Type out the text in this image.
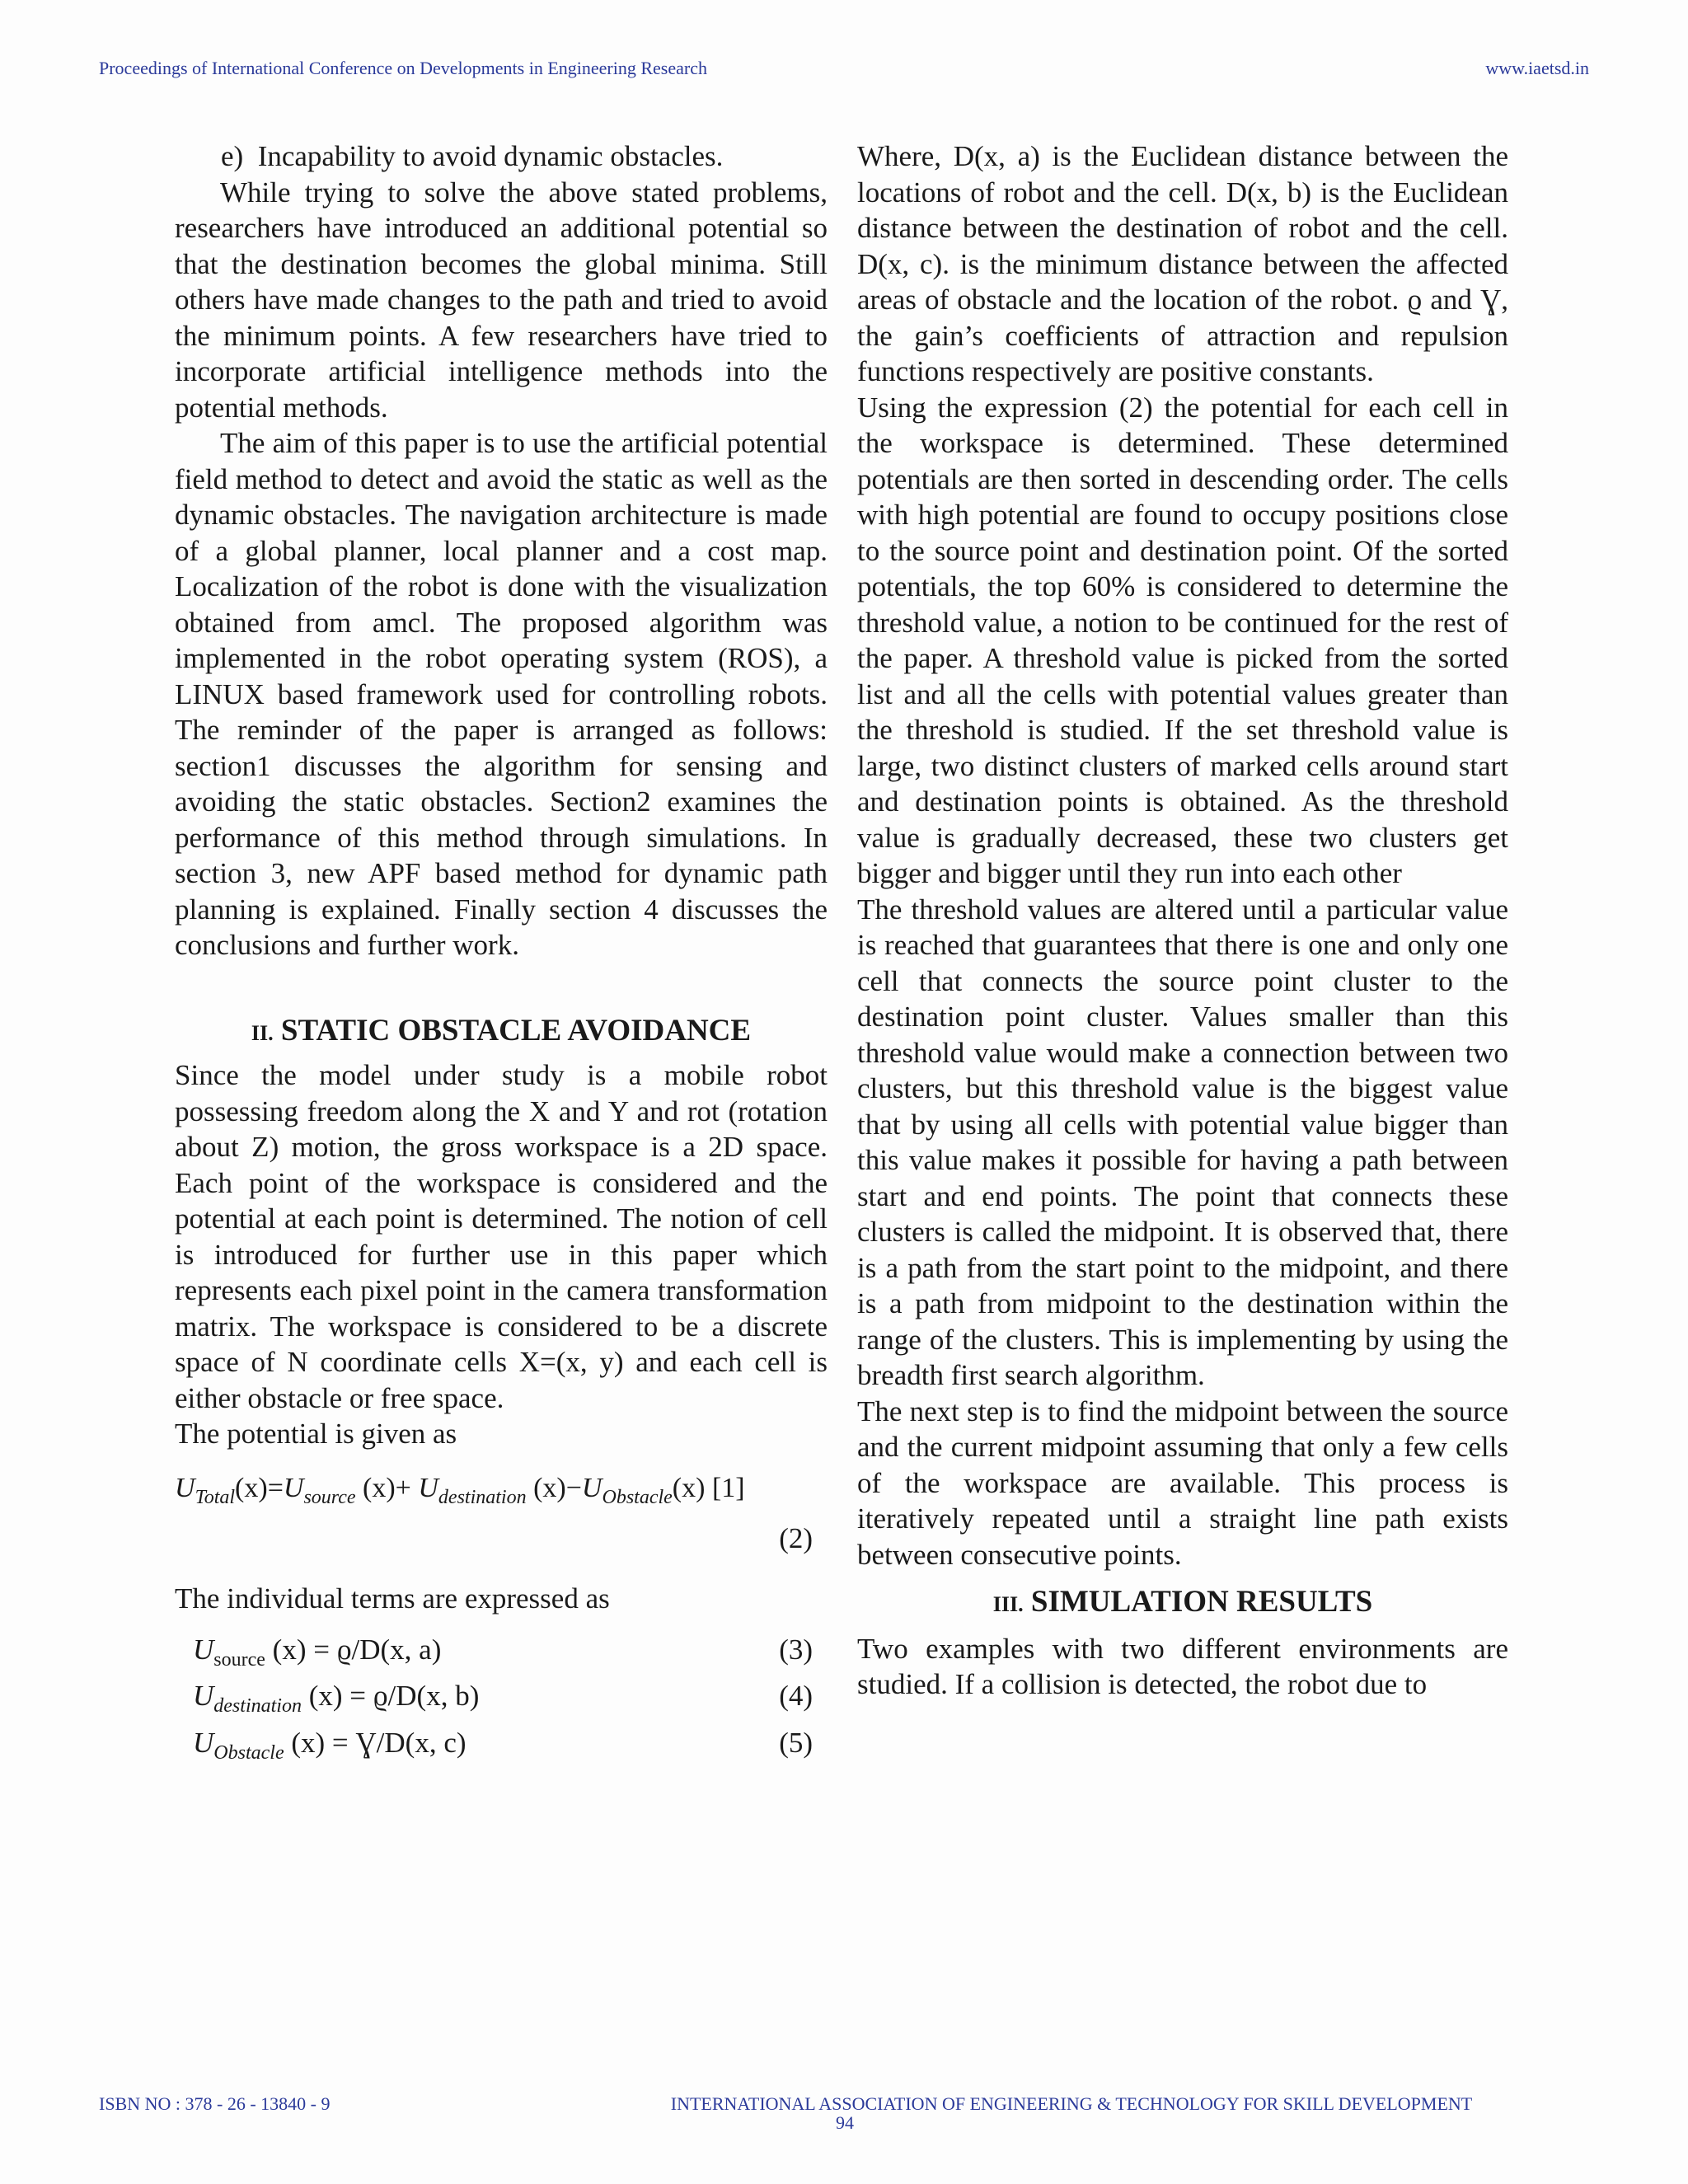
Proceedings of International Conference on Developments in Engineering Research	www.iaetsd.in

e)  Incapability to avoid dynamic obstacles.

While trying to solve the above stated problems, researchers have introduced an additional potential so that the destination becomes the global minima. Still others have made changes to the path and tried to avoid the minimum points. A few researchers have tried to incorporate artificial intelligence methods into the potential methods.

The aim of this paper is to use the artificial potential field method to detect and avoid the static as well as the dynamic obstacles. The navigation architecture is made of a global planner, local planner and a cost map. Localization of the robot is done with the visualization obtained from amcl. The proposed algorithm was implemented in the robot operating system (ROS), a LINUX based framework used for controlling robots. The reminder of the paper is arranged as follows: section1 discusses the algorithm for sensing and avoiding the static obstacles. Section2 examines the performance of this method through simulations. In section 3, new APF based method for dynamic path planning is explained. Finally section 4 discusses the conclusions and further work.

II. STATIC OBSTACLE AVOIDANCE

Since the model under study is a mobile robot possessing freedom along the X and Y and rot (rotation about Z) motion, the gross workspace is a 2D space. Each point of the workspace is considered and the potential at each point is determined. The notion of cell is introduced for further use in this paper which represents each pixel point in the camera transformation matrix. The workspace is considered to be a discrete space of N coordinate cells X=(x, y) and each cell is either obstacle or free space.

The potential is given as

$U_{Total}(x)=U_{source}$ $(x)+ U_{destination}$ $(x)-U_{Obstacle}(x)$ [1]
(2)

The individual terms are expressed as

$U_{source}$ (x) = ϱ/D(x, a)	(3)
$U_{destination}$ (x) = ϱ/D(x, b)	(4)
$U_{Obstacle}$ (x) = Ɣ/D(x, c)	(5)

Where, D(x, a) is the Euclidean distance between the locations of robot and the cell. D(x, b) is the Euclidean distance between the destination of robot and the cell. D(x, c). is the minimum distance between the affected areas of obstacle and the location of the robot. ϱ and Ɣ, the gain’s coefficients of attraction and repulsion functions respectively are positive constants.

Using the expression (2) the potential for each cell in the workspace is determined. These determined potentials are then sorted in descending order. The cells with high potential are found to occupy positions close to the source point and destination point. Of the sorted potentials, the top 60% is considered to determine the threshold value, a notion to be continued for the rest of the paper. A threshold value is picked from the sorted list and all the cells with potential values greater than the threshold is studied. If the set threshold value is large, two distinct clusters of marked cells around start and destination points is obtained. As the threshold value is gradually decreased, these two clusters get bigger and bigger until they run into each other

The threshold values are altered until a particular value is reached that guarantees that there is one and only one cell that connects the source point cluster to the destination point cluster. Values smaller than this threshold value would make a connection between two clusters, but this threshold value is the biggest value that by using all cells with potential value bigger than this value makes it possible for having a path between start and end points. The point that connects these clusters is called the midpoint. It is observed that, there is a path from the start point to the midpoint, and there is a path from midpoint to the destination within the range of the clusters. This is implementing by using the breadth first search algorithm.

The next step is to find the midpoint between the source and the current midpoint assuming that only a few cells of the workspace are available. This process is iteratively repeated until a straight line path exists between consecutive points.

III. SIMULATION RESULTS

Two examples with two different environments are studied. If a collision is detected, the robot due to

ISBN NO : 378 - 26 - 13840 - 9	INTERNATIONAL ASSOCIATION OF ENGINEERING & TECHNOLOGY FOR SKILL DEVELOPMENT
94
